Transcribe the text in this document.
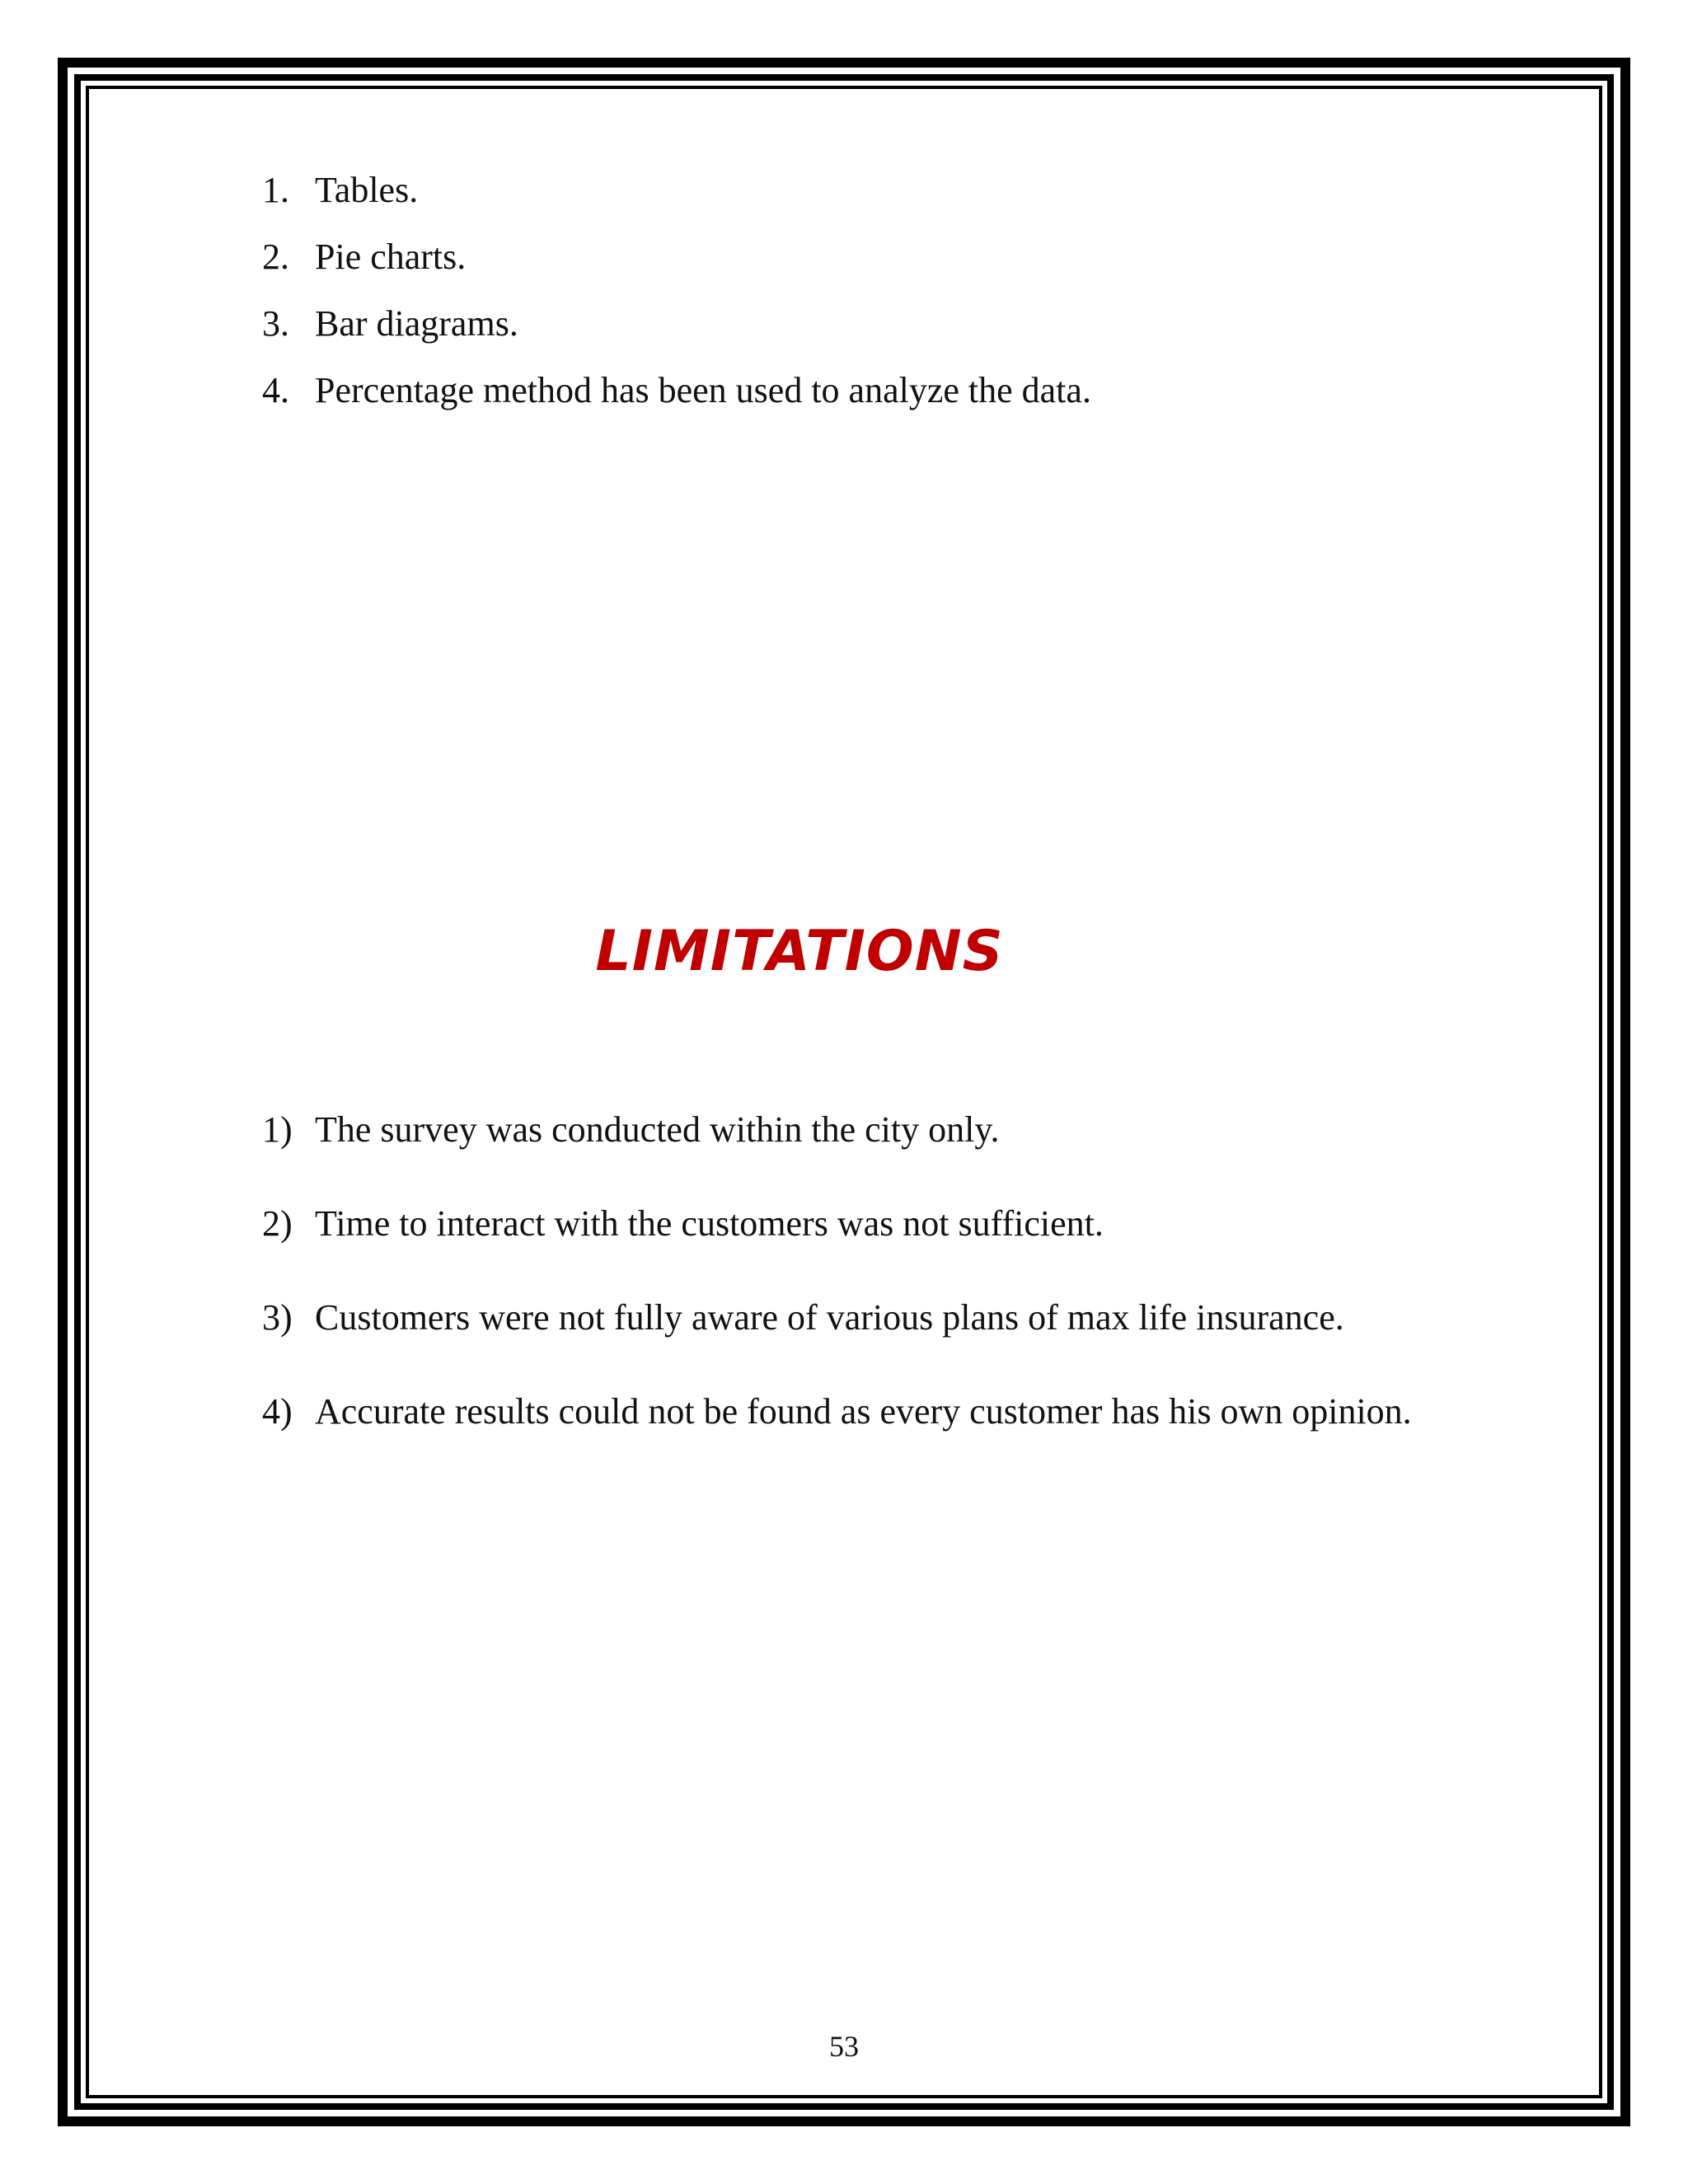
1. Tables.
2. Pie charts.
3. Bar diagrams.
4. Percentage method has been used to analyze the data.
LIMITATIONS
1) The survey was conducted within the city only.
2) Time to interact with the customers was not sufficient.
3) Customers were not fully aware of various plans of max life insurance.
4) Accurate results could not be found as every customer has his own opinion.
53
